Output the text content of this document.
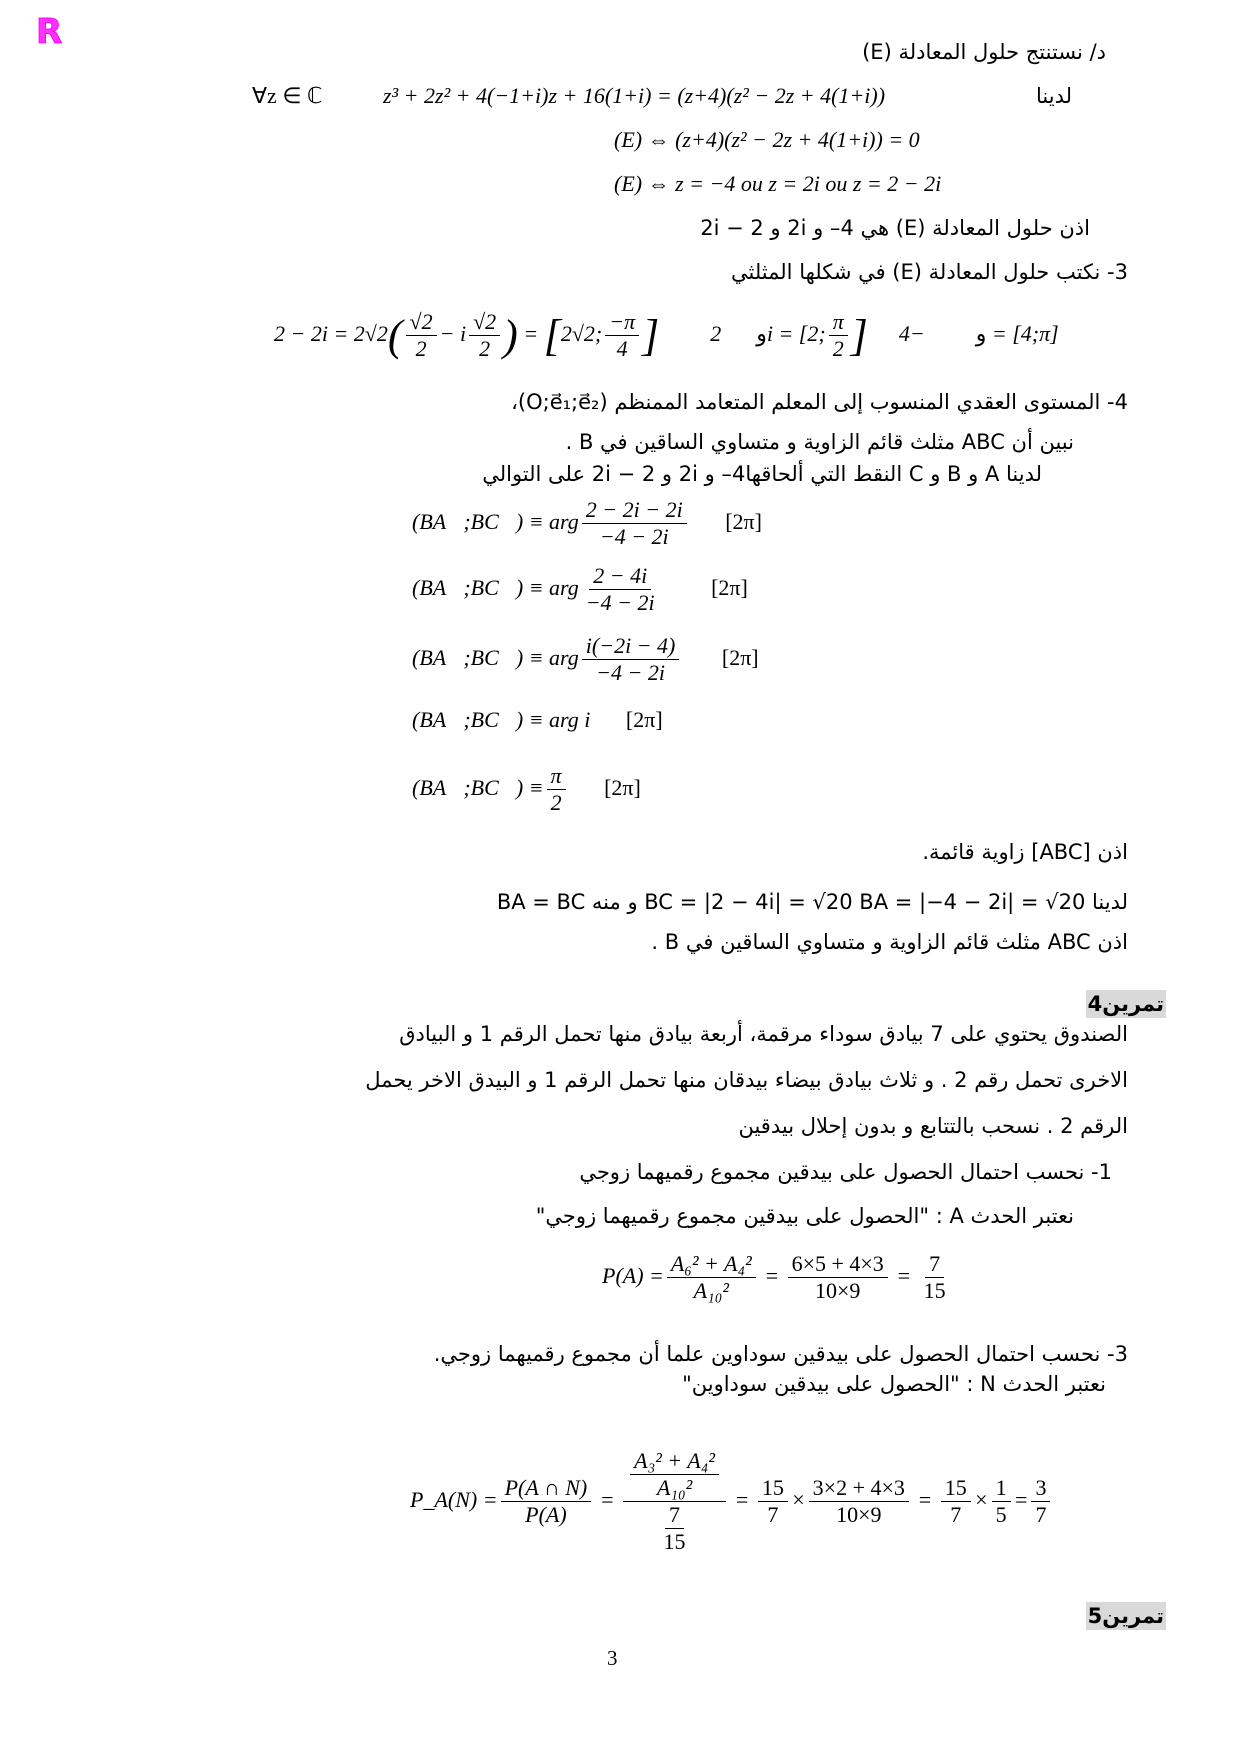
R	د/ نستنتج حلول المعادلة (E)
∀z ∈ ℂ	z³ + 2z² + 4(−1+i)z + 16(1+i) = (z+4)(z² − 2z + 4(1+i))	لدينا
(E) ⇔ (z+4)(z² − 2z + 4(1+i)) = 0
(E) ⇔ z = −4 ou z = 2i ou z = 2 − 2i
اذن حلول المعادلة (E) هي 4– و 2i و 2 − 2i
3- نكتب حلول المعادلة (E) في شكلها المثلثي
$2 - 2i = 2√2( \frac{√2}{2} - i \frac{√2}{2}$ ) = [2√2; $\frac{-\pi}{4}$ ]	و  2i = [2; $\frac{\pi}{2}$ ]	و  −4 = [4;π]
4- المستوى العقدي المنسوب إلى المعلم المتعامد الممنظم (O;e⃗₁;e⃗₂)،
نبين أن ABC مثلث قائم الزاوية و متساوي الساقين في B .
لدينا A و B و C النقط التي ألحاقها4– و 2i و 2 − 2i على التوالي
(BA⃗;BC⃗) ≡ arg $\frac{2 - 2i - 2i}{-4 - 2i} [2\pi]$
(BA⃗;BC⃗) ≡ arg $\frac{2 - 4i}{-4 - 2i} [2\pi]$
(BA⃗;BC⃗) ≡ arg $\frac{i(-2i - 4)}{-4 - 2i} [2\pi]$
(BA⃗;BC⃗) ≡ arg i [2π]
(BA⃗;BC⃗) ≡ $\frac{\pi}{2} [2\pi]$
اذن [ABC] زاوية قائمة.
لدينا BC = |2 − 4i| = √20 BA = |−4 − 2i| = √20 و منه BA = BC
اذن ABC مثلث قائم الزاوية و متساوي الساقين في B .
تمرين4
الصندوق يحتوي على 7 بيادق سوداء مرقمة، أربعة بيادق منها تحمل الرقم 1 و البيادق
الاخرى تحمل رقم 2 . و ثلاث بيادق بيضاء بيدقان منها تحمل الرقم 1 و البيدق الاخر يحمل
الرقم 2 . نسحب بالتتابع و بدون إحلال بيدقين
1- نحسب احتمال الحصول على بيدقين مجموع رقميهما زوجي
نعتبر الحدث A : "الحصول على بيدقين مجموع رقميهما زوجي"
$P(A) = \frac{\text{A₆² + A₄²}}{\text{A₁₀²}} = \frac{6\times 5 + 4\times 3}{10\times 9} = \frac{7}{15}$
3- نحسب احتمال الحصول على بيدقين سوداوين علما أن مجموع رقميهما زوجي.
نعتبر الحدث N : "الحصول على بيدقين سوداوين"
P_A(N) = $\frac{P(A \cap N)}{P(A)} = \frac{\frac{\text{A₃² + A₄²}}{\text{A₁₀²}}}{\frac{7}{15}} = \frac{15}{7} \times \frac{3\times 2 + 4\times 3}{10\times 9} = \frac{15}{7} \times \frac{1}{5} = \frac{3}{7}$
تمرين5
3
